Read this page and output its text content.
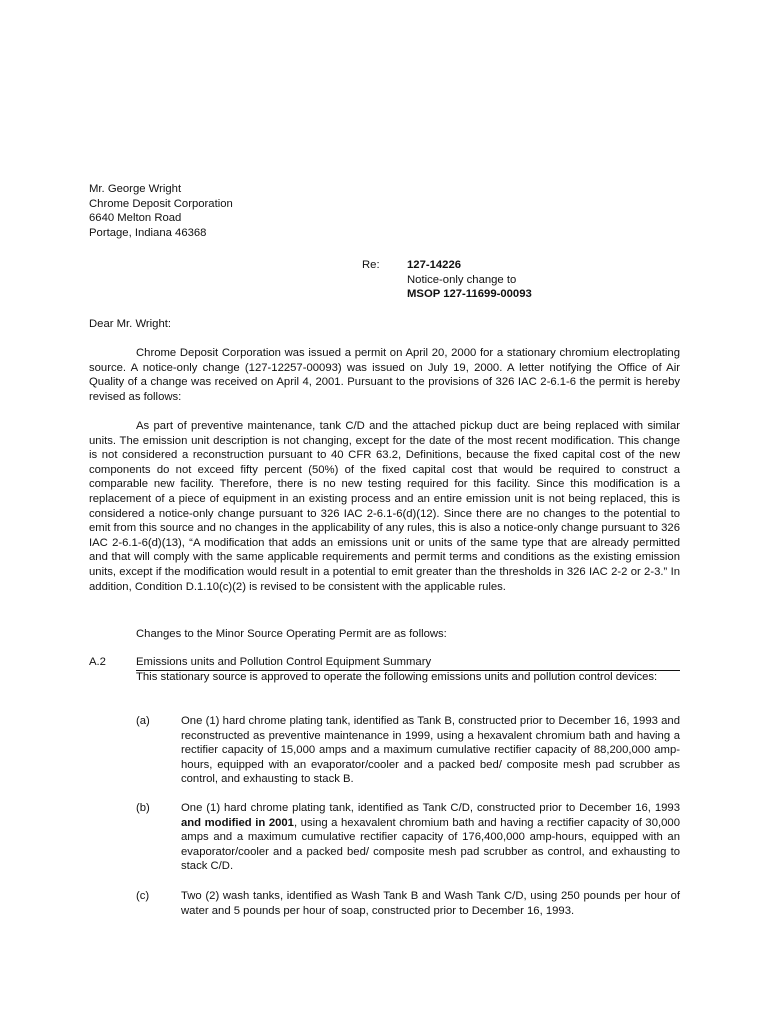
Mr. George Wright
Chrome Deposit Corporation
6640 Melton Road
Portage, Indiana 46368
Re:	127-14226
Notice-only change to
MSOP 127-11699-00093
Dear Mr. Wright:

Chrome Deposit Corporation was issued a permit on April 20, 2000 for a stationary chromium electroplating source. A notice-only change (127-12257-00093) was issued on July 19, 2000. A letter notifying the Office of Air Quality of a change was received on April 4, 2001. Pursuant to the provisions of 326 IAC 2-6.1-6 the permit is hereby revised as follows:

As part of preventive maintenance, tank C/D and the attached pickup duct are being replaced with similar units. The emission unit description is not changing, except for the date of the most recent modification. This change is not considered a reconstruction pursuant to 40 CFR 63.2, Definitions, because the fixed capital cost of the new components do not exceed fifty percent (50%) of the fixed capital cost that would be required to construct a comparable new facility. Therefore, there is no new testing required for this facility. Since this modification is a replacement of a piece of equipment in an existing process and an entire emission unit is not being replaced, this is considered a notice-only change pursuant to 326 IAC 2-6.1-6(d)(12). Since there are no changes to the potential to emit from this source and no changes in the applicability of any rules, this is also a notice-only change pursuant to 326 IAC 2-6.1-6(d)(13), “A modification that adds an emissions unit or units of the same type that are already permitted and that will comply with the same applicable requirements and permit terms and conditions as the existing emission units, except if the modification would result in a potential to emit greater than the thresholds in 326 IAC 2-2 or 2-3.” In addition, Condition D.1.10(c)(2) is revised to be consistent with the applicable rules.

Changes to the Minor Source Operating Permit are as follows:

A.2	Emissions units and Pollution Control Equipment Summary

This stationary source is approved to operate the following emissions units and pollution control devices:

(a)	One (1) hard chrome plating tank, identified as Tank B, constructed prior to December 16, 1993 and reconstructed as preventive maintenance in 1999, using a hexavalent chromium bath and having a rectifier capacity of 15,000 amps and a maximum cumulative rectifier capacity of 88,200,000 amp-hours, equipped with an evaporator/cooler and a packed bed/ composite mesh pad scrubber as control, and exhausting to stack B.

(b)	One (1) hard chrome plating tank, identified as Tank C/D, constructed prior to December 16, 1993 and modified in 2001, using a hexavalent chromium bath and having a rectifier capacity of 30,000 amps and a maximum cumulative rectifier capacity of 176,400,000 amp-hours, equipped with an evaporator/cooler and a packed bed/ composite mesh pad scrubber as control, and exhausting to stack C/D.

(c)	Two (2) wash tanks, identified as Wash Tank B and Wash Tank C/D, using 250 pounds per hour of water and 5 pounds per hour of soap, constructed prior to December 16, 1993.
